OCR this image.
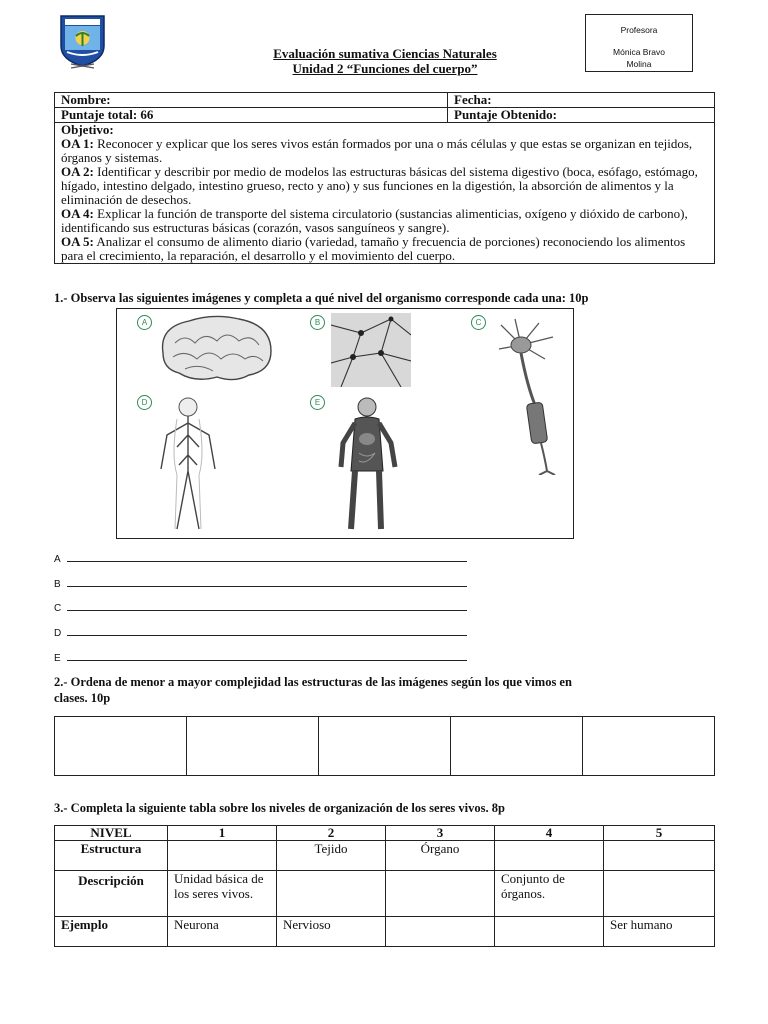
Profesora
Mónica Bravo
Molina
Evaluación sumativa Ciencias Naturales
Unidad 2 “Funciones del cuerpo”
Nombre:	Fecha:
Puntaje total: 66	Puntaje Obtenido:

Objetivo:
OA 1: Reconocer y explicar que los seres vivos están formados por una o más células y que estas se organizan en tejidos, órganos y sistemas.
OA 2: Identificar y describir por medio de modelos las estructuras básicas del sistema digestivo (boca, esófago, estómago, hígado, intestino delgado, intestino grueso, recto y ano) y sus funciones en la digestión, la absorción de alimentos y la eliminación de desechos.
OA 4: Explicar la función de transporte del sistema circulatorio (sustancias alimenticias, oxígeno y dióxido de carbono), identificando sus estructuras básicas (corazón, vasos sanguíneos y sangre).
OA 5: Analizar el consumo de alimento diario (variedad, tamaño y frecuencia de porciones) reconociendo los alimentos para el crecimiento, la reparación, el desarrollo y el movimiento del cuerpo.	
1.- Observa las siguientes imágenes y completa a qué nivel del organismo corresponde cada una: 10p
A	B	C
D	E
A
B
C
D
E
2.- Ordena de menor a mayor complejidad las estructuras de las imágenes según los que vimos en
clases. 10p

3.- Completa la siguiente tabla sobre los niveles de organización de los seres vivos. 8p
NIVEL	1	2	3	4	5
Estructura		Tejido	Órgano		
Descripción	Unidad básica de los seres vivos.			Conjunto de órganos.	
Ejemplo	Neurona	Nervioso			Ser humano
